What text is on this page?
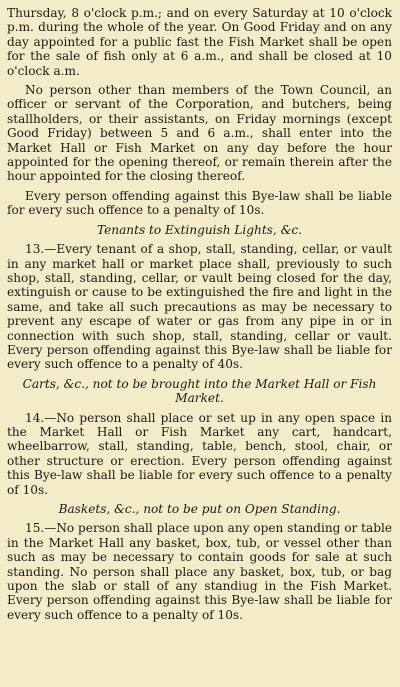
Thursday, 8 o'clock p.m.; and on every Saturday at 10 o'clock p.m. during the whole of the year. On Good Friday and on any day appointed for a public fast the Fish Market shall be open for the sale of fish only at 6 a.m., and shall be closed at 10 o'clock a.m.

No person other than members of the Town Council, an officer or servant of the Corporation, and butchers, being stallholders, or their assistants, on Friday mornings (except Good Friday) between 5 and 6 a.m., shall enter into the Market Hall or Fish Market on any day before the hour appointed for the opening thereof, or remain therein after the hour appointed for the closing thereof.

Every person offending against this Bye-law shall be liable for every such offence to a penalty of 10s.

Tenants to Extinguish Lights, &c.

13.—Every tenant of a shop, stall, standing, cellar, or vault in any market hall or market place shall, previously to such shop, stall, standing, cellar, or vault being closed for the day, extinguish or cause to be extinguished the fire and light in the same, and take all such precautions as may be necessary to prevent any escape of water or gas from any pipe in or in connection with such shop, stall, standing, cellar or vault. Every person offending against this Bye-law shall be liable for every such offence to a penalty of 40s.

Carts, &c., not to be brought into the Market Hall or Fish Market.

14.—No person shall place or set up in any open space in the Market Hall or Fish Market any cart, handcart, wheelbarrow, stall, standing, table, bench, stool, chair, or other structure or erection. Every person offending against this Bye-law shall be liable for every such offence to a penalty of 10s.

Baskets, &c., not to be put on Open Standing.

15.—No person shall place upon any open standing or table in the Market Hall any basket, box, tub, or vessel other than such as may be necessary to contain goods for sale at such standing. No person shall place any basket, box, tub, or bag upon the slab or stall of any standiug in the Fish Market. Every person offending against this Bye-law shall be liable for every such offence to a penalty of 10s.
